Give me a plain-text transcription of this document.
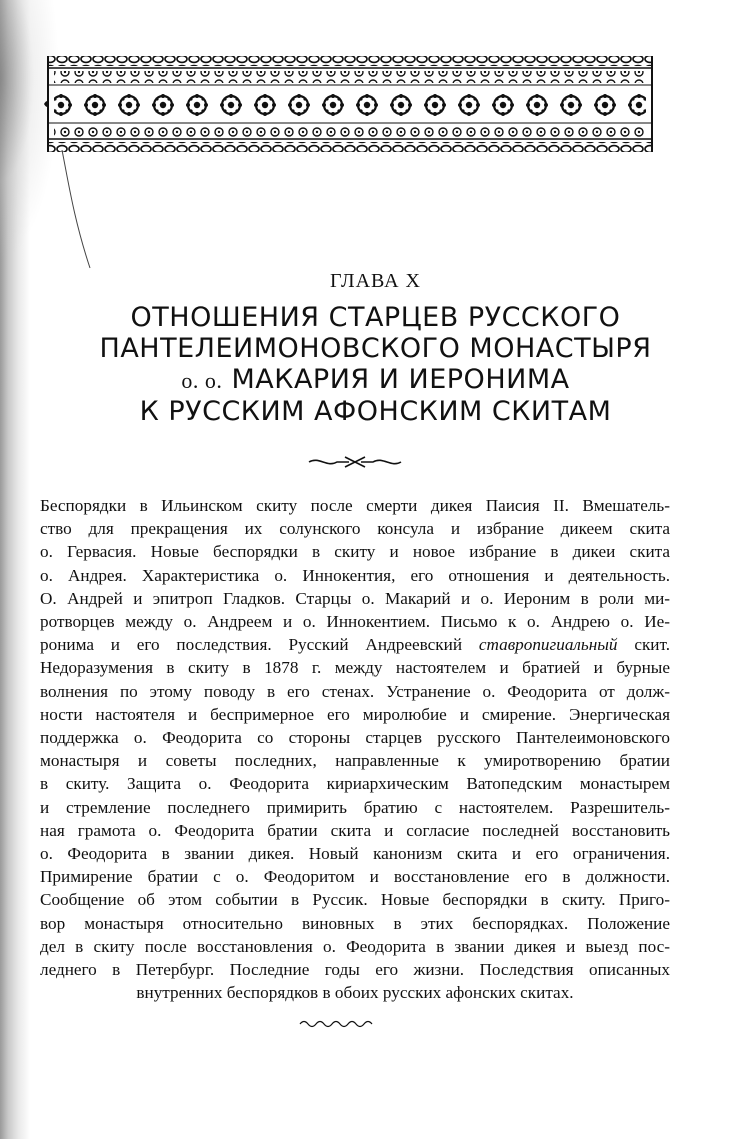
ГЛАВА X
ОТНОШЕНИЯ СТАРЦЕВ РУССКОГО
ПАНТЕЛЕИМОНОВСКОГО МОНАСТЫРЯ
о. о. МАКАРИЯ И ИЕРОНИМА
К РУССКИМ АФОНСКИМ СКИТАМ
Беспорядки в Ильинском скиту после смерти дикея Паисия II. Вмешатель-
ство для прекращения их солунского консула и избрание дикеем скита
о. Гервасия. Новые беспорядки в скиту и новое избрание в дикеи скита
о. Андрея. Характеристика о. Иннокентия, его отношения и деятельность.
О. Андрей и эпитроп Гладков. Старцы о. Макарий и о. Иероним в роли ми-
ротворцев между о. Андреем и о. Иннокентием. Письмо к о. Андрею о. Ие-
ронима и его последствия. Русский Андреевский ставропигиальный скит.
Недоразумения в скиту в 1878 г. между настоятелем и братией и бурные
волнения по этому поводу в его стенах. Устранение о. Феодорита от долж-
ности настоятеля и беспримерное его миролюбие и смирение. Энергическая
поддержка о. Феодорита со стороны старцев русского Пантелеимоновского
монастыря и советы последних, направленные к умиротворению братии
в скиту. Защита о. Феодорита кириархическим Ватопедским монастырем
и стремление последнего примирить братию с настоятелем. Разрешитель-
ная грамота о. Феодорита братии скита и согласие последней восстановить
о. Феодорита в звании дикея. Новый канонизм скита и его ограничения.
Примирение братии с о. Феодоритом и восстановление его в должности.
Сообщение об этом событии в Руссик. Новые беспорядки в скиту. Приго-
вор монастыря относительно виновных в этих беспорядках. Положение
дел в скиту после восстановления о. Феодорита в звании дикея и выезд пос-
леднего в Петербург. Последние годы его жизни. Последствия описанных
внутренних беспорядков в обоих русских афонских скитах.
